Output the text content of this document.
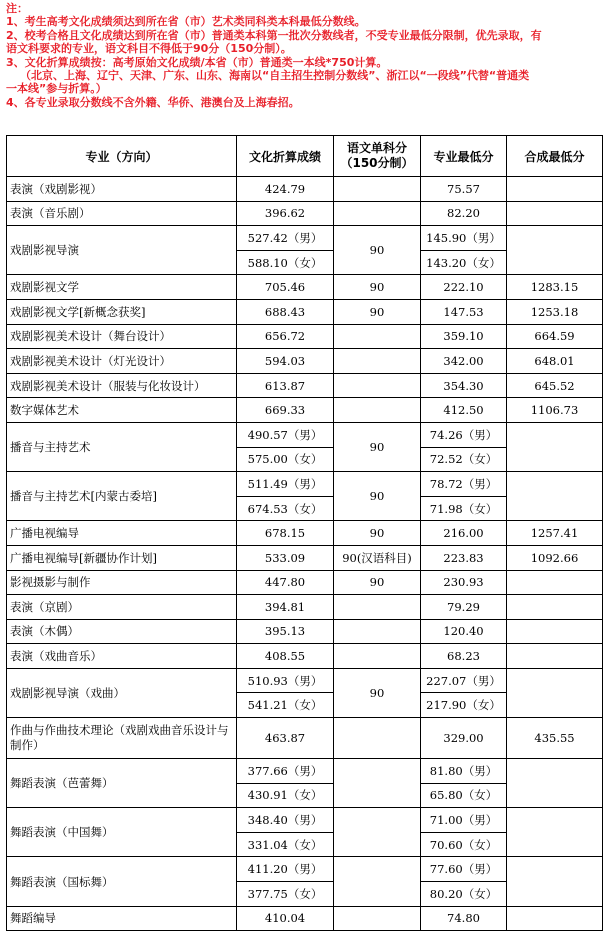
注：
1、考生高考文化成绩须达到所在省（市）艺术类同科类本科最低分数线。
2、校考合格且文化成绩达到所在省（市）普通类本科第一批次分数线者，不受专业最低分限制，优先录取，有
语文科要求的专业，语文科目不得低于90分（150分制）。
3、文化折算成绩按：高考原始文化成绩/本省（市）普通类一本线*750计算。
（北京、上海、辽宁、天津、广东、山东、海南以“自主招生控制分数线”、浙江以“一段线”代替“普通类
一本线”参与折算。）
4、各专业录取分数线不含外籍、华侨、港澳台及上海春招。
专业（方向）	文化折算成绩	语文单科分（150分制）	专业最低分	合成最低分
表演（戏剧影视）	424.79		75.57	
表演（音乐剧）	396.62		82.20	
戏剧影视导演	527.42（男）	90	145.90（男）	
	588.10（女）		143.20（女）	
戏剧影视文学	705.46	90	222.10	1283.15
戏剧影视文学[新概念获奖]	688.43	90	147.53	1253.18
戏剧影视美术设计（舞台设计）	656.72		359.10	664.59
戏剧影视美术设计（灯光设计）	594.03		342.00	648.01
戏剧影视美术设计（服装与化妆设计）	613.87		354.30	645.52
数字媒体艺术	669.33		412.50	1106.73
播音与主持艺术	490.57（男）	90	74.26（男）	
	575.00（女）		72.52（女）	
播音与主持艺术[内蒙古委培]	511.49（男）	90	78.72（男）	
	674.53（女）		71.98（女）	
广播电视编导	678.15	90	216.00	1257.41
广播电视编导[新疆协作计划]	533.09	90(汉语科目)	223.83	1092.66
影视摄影与制作	447.80	90	230.93	
表演（京剧）	394.81		79.29	
表演（木偶）	395.13		120.40	
表演（戏曲音乐）	408.55		68.23	
戏剧影视导演（戏曲）	510.93（男）	90	227.07（男）	
	541.21（女）		217.90（女）	
作曲与作曲技术理论（戏剧戏曲音乐设计与制作）	463.87		329.00	435.55
舞蹈表演（芭蕾舞）	377.66（男）		81.80（男）	
	430.91（女）		65.80（女）	
舞蹈表演（中国舞）	348.40（男）		71.00（男）	
	331.04（女）		70.60（女）	
舞蹈表演（国标舞）	411.20（男）		77.60（男）	
	377.75（女）		80.20（女）	
舞蹈编导	410.04		74.80	
